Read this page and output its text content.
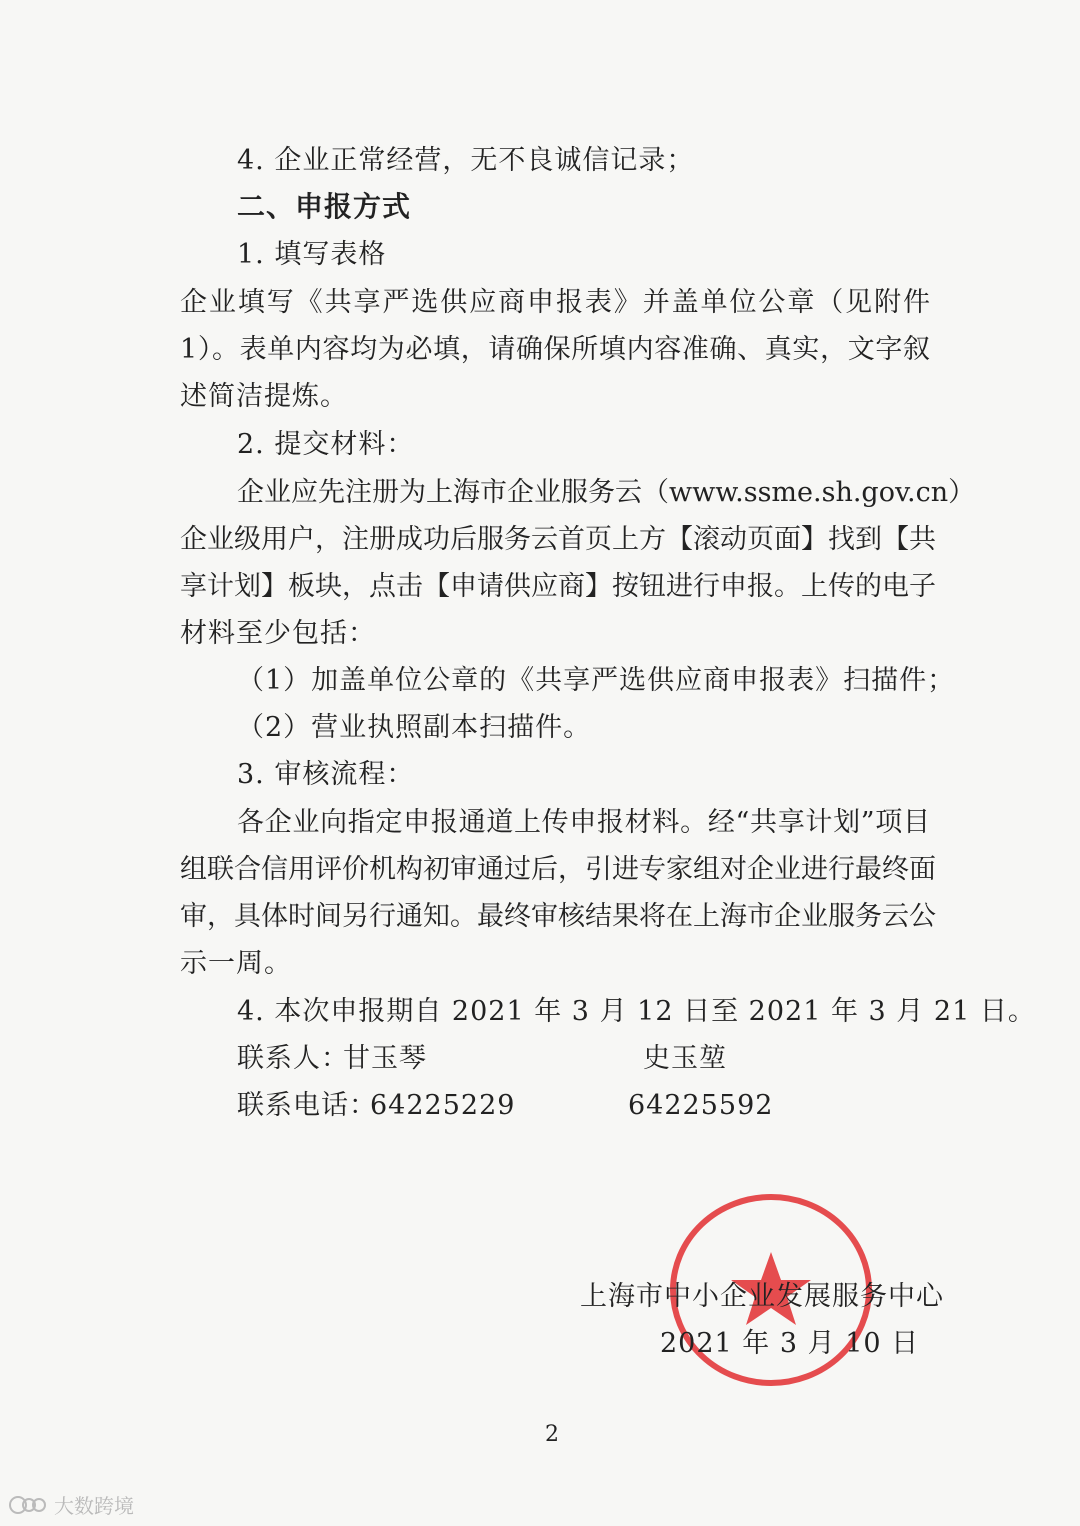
4. 企业正常经营，无不良诚信记录；
二、申报方式
1. 填写表格
企业填写《共享严选供应商申报表》并盖单位公章（见附件
1）。表单内容均为必填，请确保所填内容准确、真实，文字叙
述简洁提炼。
2. 提交材料：
企业应先注册为上海市企业服务云（www.ssme.sh.gov.cn）
企业级用户，注册成功后服务云首页上方【滚动页面】找到【共
享计划】板块，点击【申请供应商】按钮进行申报。上传的电子
材料至少包括：
（1）加盖单位公章的《共享严选供应商申报表》扫描件；
（2）营业执照副本扫描件。
3. 审核流程：
各企业向指定申报通道上传申报材料。经“共享计划”项目
组联合信用评价机构初审通过后，引进专家组对企业进行最终面
审，具体时间另行通知。最终审核结果将在上海市企业服务云公
示一周。
4. 本次申报期自 2021 年 3 月 12 日至 2021 年 3 月 21 日。
联系人：
甘玉琴	史玉堃
联系电话：
64225229	64225592
上海市中小企业发展服务中心
2021 年 3 月 10 日
2
大数跨境
